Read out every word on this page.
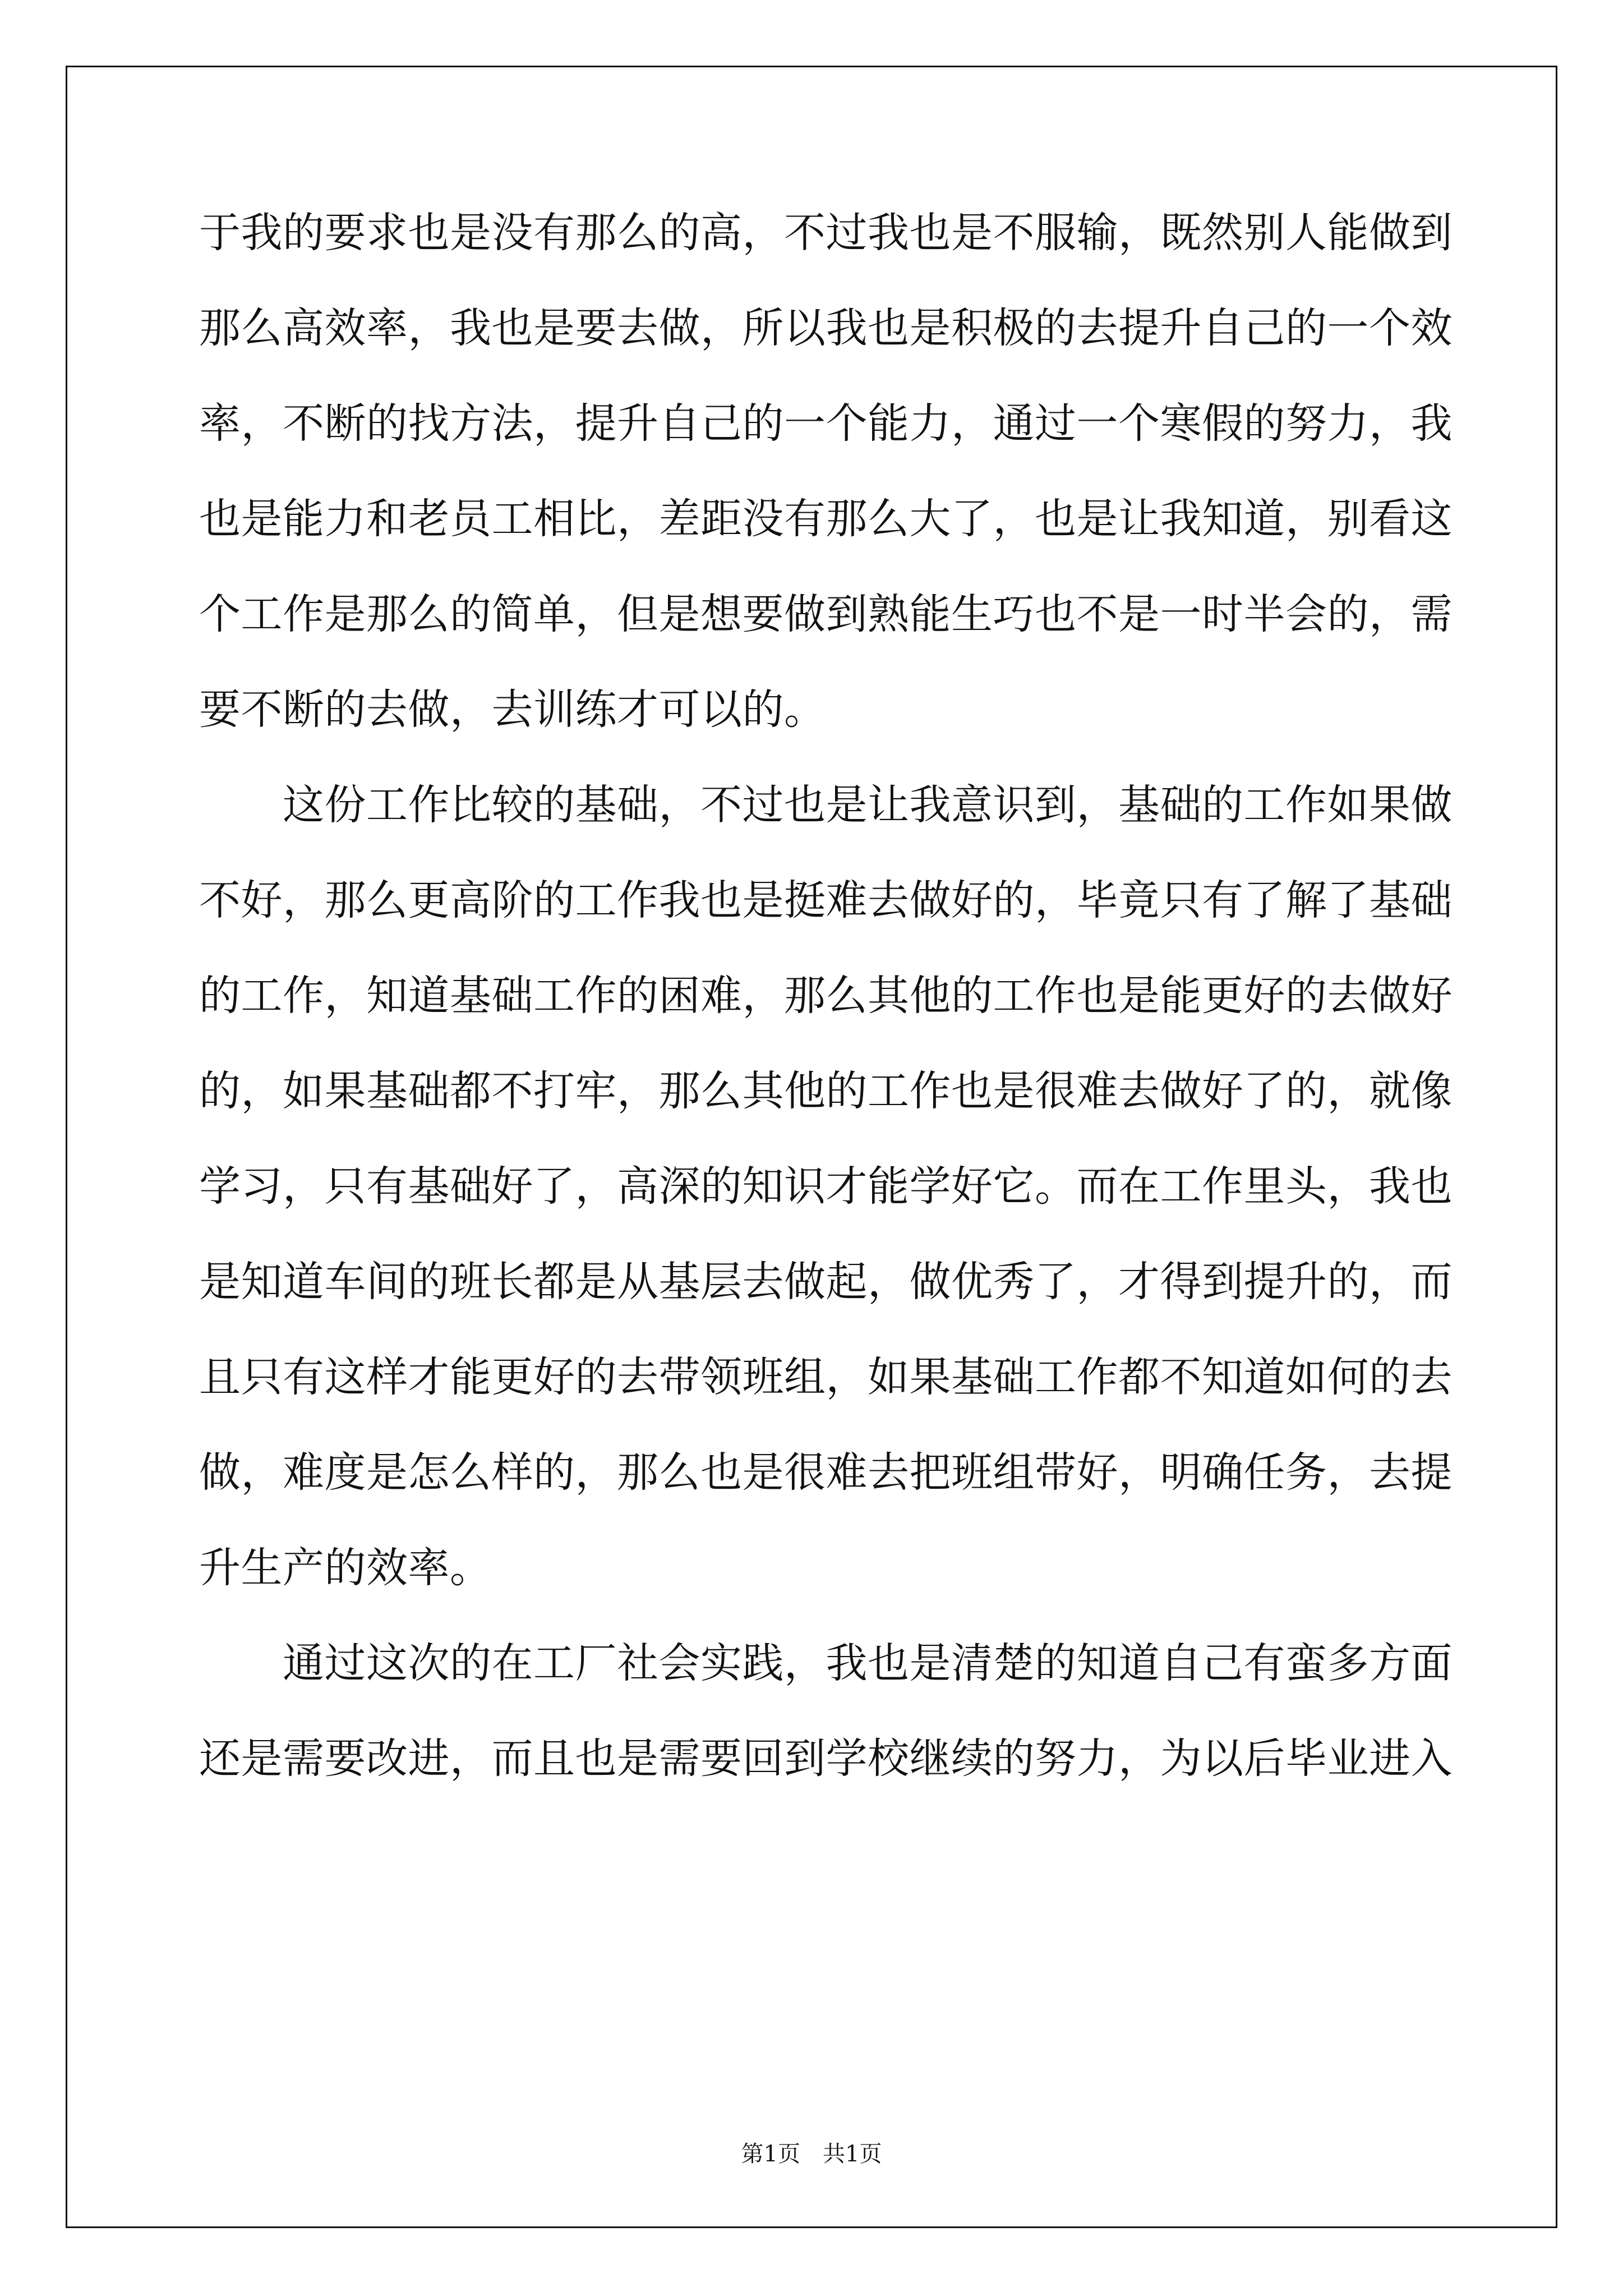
于我的要求也是没有那么的高，不过我也是不服输，既然别人能做到
那么高效率，我也是要去做，所以我也是积极的去提升自己的一个效
率，不断的找方法，提升自己的一个能力，通过一个寒假的努力，我
也是能力和老员工相比，差距没有那么大了，也是让我知道，别看这
个工作是那么的简单，但是想要做到熟能生巧也不是一时半会的，需
要不断的去做，去训练才可以的。
　　这份工作比较的基础，不过也是让我意识到，基础的工作如果做
不好，那么更高阶的工作我也是挺难去做好的，毕竟只有了解了基础
的工作，知道基础工作的困难，那么其他的工作也是能更好的去做好
的，如果基础都不打牢，那么其他的工作也是很难去做好了的，就像
学习，只有基础好了，高深的知识才能学好它。而在工作里头，我也
是知道车间的班长都是从基层去做起，做优秀了，才得到提升的，而
且只有这样才能更好的去带领班组，如果基础工作都不知道如何的去
做，难度是怎么样的，那么也是很难去把班组带好，明确任务，去提
升生产的效率。
　　通过这次的在工厂社会实践，我也是清楚的知道自己有蛮多方面
还是需要改进，而且也是需要回到学校继续的努力，为以后毕业进入
第1页　共1页
